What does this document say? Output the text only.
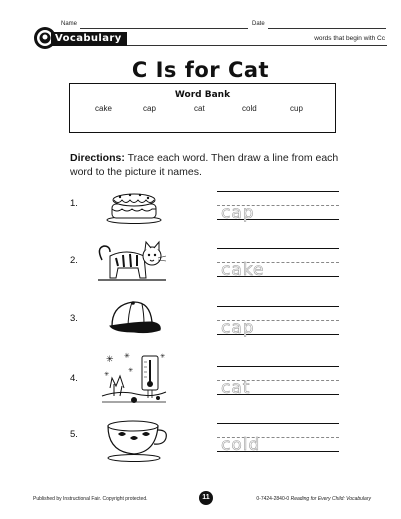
Name	Date
Vocabulary	words that begin with Cc
C Is for Cat
Word Bank
cake	cap	cat	cold	cup
Directions: Trace each word. Then draw a line from each word to the picture it names.
1.	cap
2.	cake
3.	cap
4.
✳ ✳
✳
✳
✳
cat
5.
cold
Published by Instructional Fair. Copyright protected.	11	0-7424-2840-0 Reading for Every Child: Vocabulary
